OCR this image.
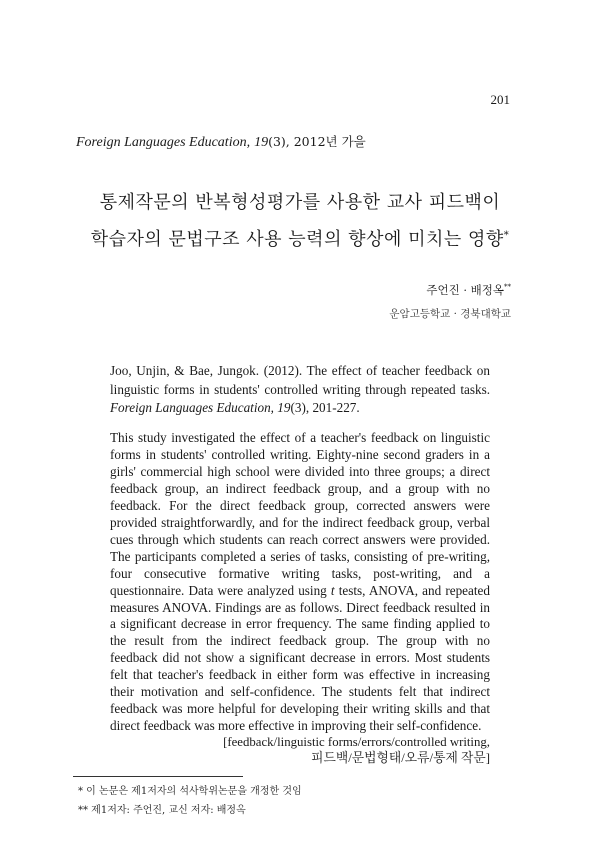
201
Foreign Languages Education, 19(3), 2012년 가을
통제작문의 반복형성평가를 사용한 교사 피드백이
학습자의 문법구조 사용 능력의 향상에 미치는 영향*
주언진 · 배정옥**
운암고등학교 · 경북대학교
Joo, Unjin, & Bae, Jungok. (2012). The effect of teacher feedback on linguistic forms in students' controlled writing through repeated tasks. Foreign Languages Education, 19(3), 201-227.
This study investigated the effect of a teacher's feedback on linguistic forms in students' controlled writing. Eighty-nine second graders in a girls' commercial high school were divided into three groups; a direct feedback group, an indirect feedback group, and a group with no feedback. For the direct feedback group, corrected answers were provided straightforwardly, and for the indirect feedback group, verbal cues through which students can reach correct answers were provided. The participants completed a series of tasks, consisting of pre-writing, four consecutive formative writing tasks, post-writing, and a questionnaire. Data were analyzed using t tests, ANOVA, and repeated measures ANOVA. Findings are as follows. Direct feedback resulted in a significant decrease in error frequency. The same finding applied to the result from the indirect feedback group. The group with no feedback did not show a significant decrease in errors. Most students felt that teacher's feedback in either form was effective in increasing their motivation and self-confidence. The students felt that indirect feedback was more helpful for developing their writing skills and that direct feedback was more effective in improving their self-confidence.
[feedback/linguistic forms/errors/controlled writing,
피드백/문법형태/오류/통제 작문]
* 이 논문은 제1저자의 석사학위논문을 개정한 것임
** 제1저자: 주언진, 교신 저자: 배정옥
